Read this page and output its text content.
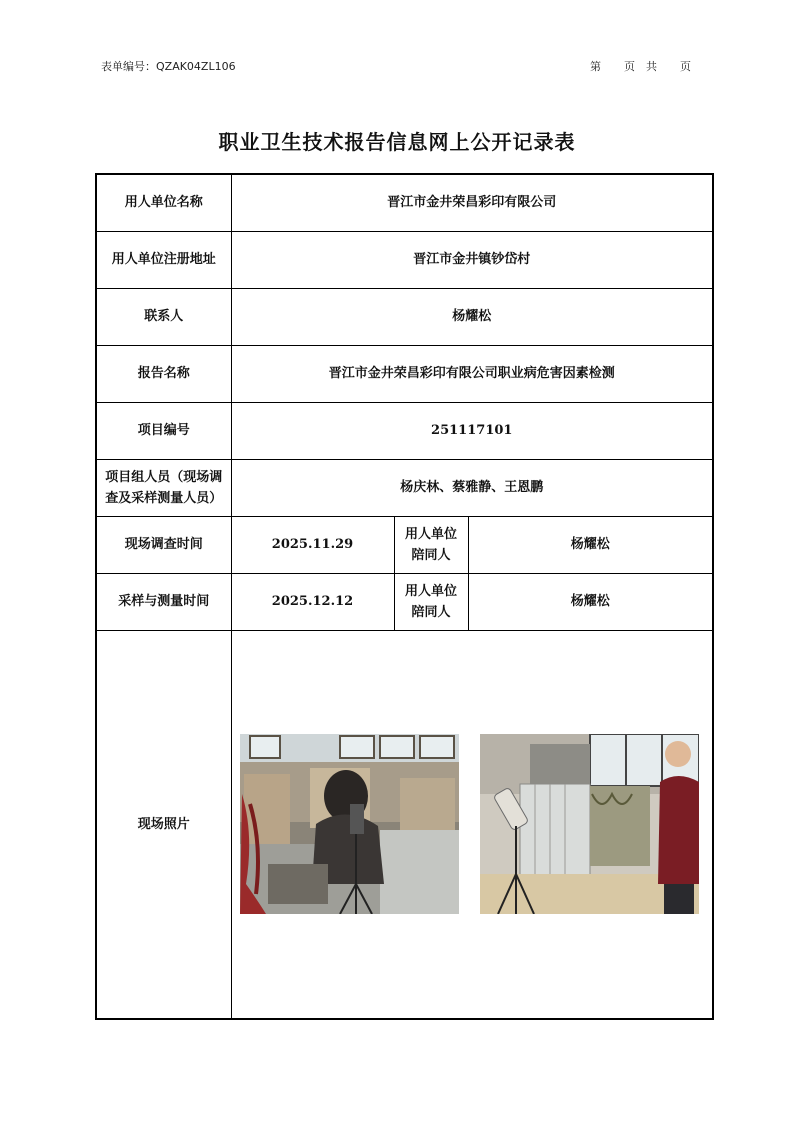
表单编号：QZAK04ZL106	第 页 共 页
职业卫生技术报告信息网上公开记录表
用人单位名称	晋江市金井荣昌彩印有限公司		
用人单位注册地址	晋江市金井镇钞岱村		
联系人	杨耀松		
报告名称	晋江市金井荣昌彩印有限公司职业病危害因素检测		
项目编号	251117101		
项目组人员（现场调查及采样测量人员）	杨庆林、蔡雅静、王恩鹏		
现场调查时间	2025.11.29	用人单位陪同人	杨耀松
采样与测量时间	2025.12.12	用人单位陪同人	杨耀松
现场照片	
